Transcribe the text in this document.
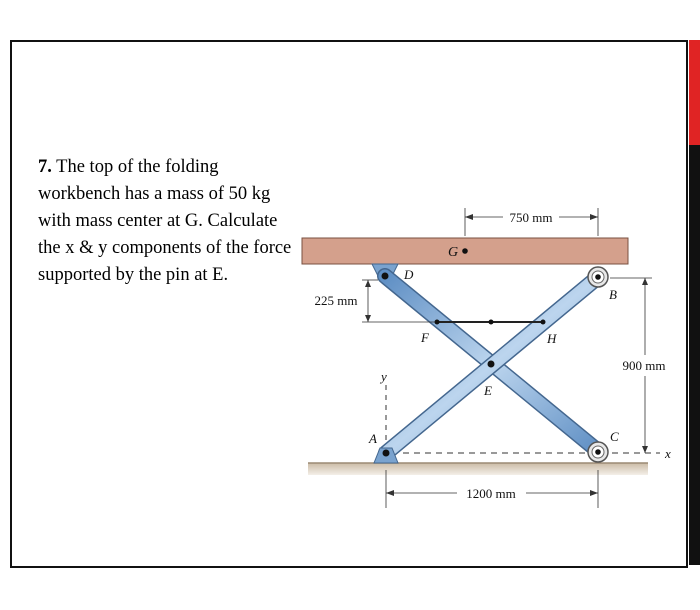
7. The top of the folding workbench has a mass of 50 kg with mass center at G. Calculate the x & y components of the force supported by the pin at E.
750 mm
225 mm
900 mm
1200 mm
G
D
B
F	H
E
A	C
y
x
